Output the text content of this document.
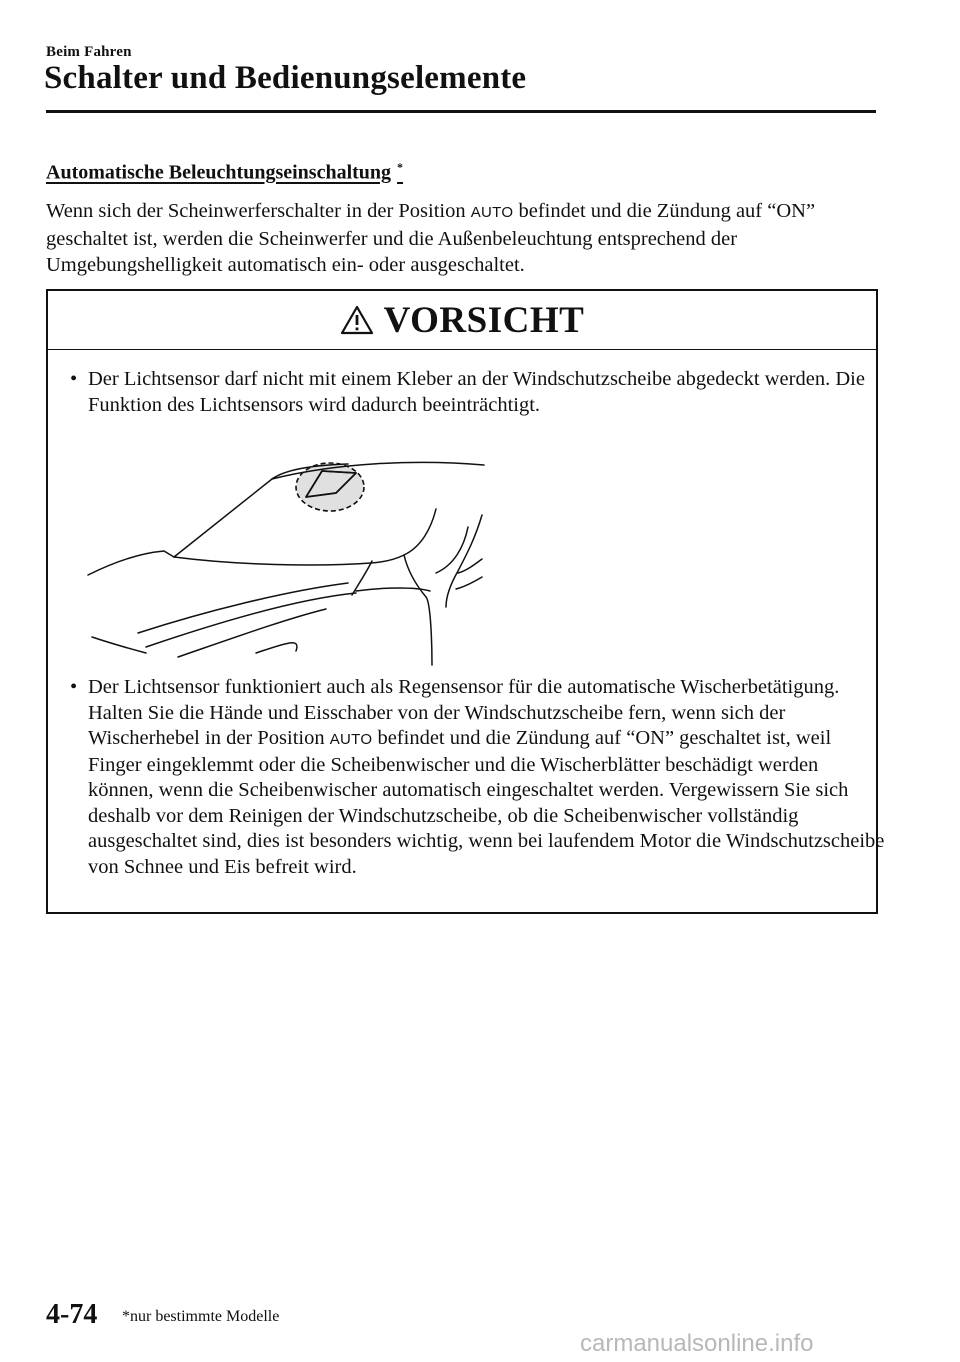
Beim Fahren
Schalter und Bedienungselemente
Automatische Beleuchtungseinschaltung *
Wenn sich der Scheinwerferschalter in der Position AUTO befindet und die Zündung auf “ON” geschaltet ist, werden die Scheinwerfer und die Außenbeleuchtung entsprechend der Umgebungshelligkeit automatisch ein- oder ausgeschaltet.
VORSICHT
• Der Lichtsensor darf nicht mit einem Kleber an der Windschutzscheibe abgedeckt werden. Die Funktion des Lichtsensors wird dadurch beeinträchtigt.
• Der Lichtsensor funktioniert auch als Regensensor für die automatische Wischerbetätigung. Halten Sie die Hände und Eisschaber von der Windschutzscheibe fern, wenn sich der Wischerhebel in der Position AUTO befindet und die Zündung auf “ON” geschaltet ist, weil Finger eingeklemmt oder die Scheibenwischer und die Wischerblätter beschädigt werden können, wenn die Scheibenwischer automatisch eingeschaltet werden. Vergewissern Sie sich deshalb vor dem Reinigen der Windschutzscheibe, ob die Scheibenwischer vollständig ausgeschaltet sind, dies ist besonders wichtig, wenn bei laufendem Motor die Windschutzscheibe von Schnee und Eis befreit wird.
4-74 *nur bestimmte Modelle
carmanualsonline.info
